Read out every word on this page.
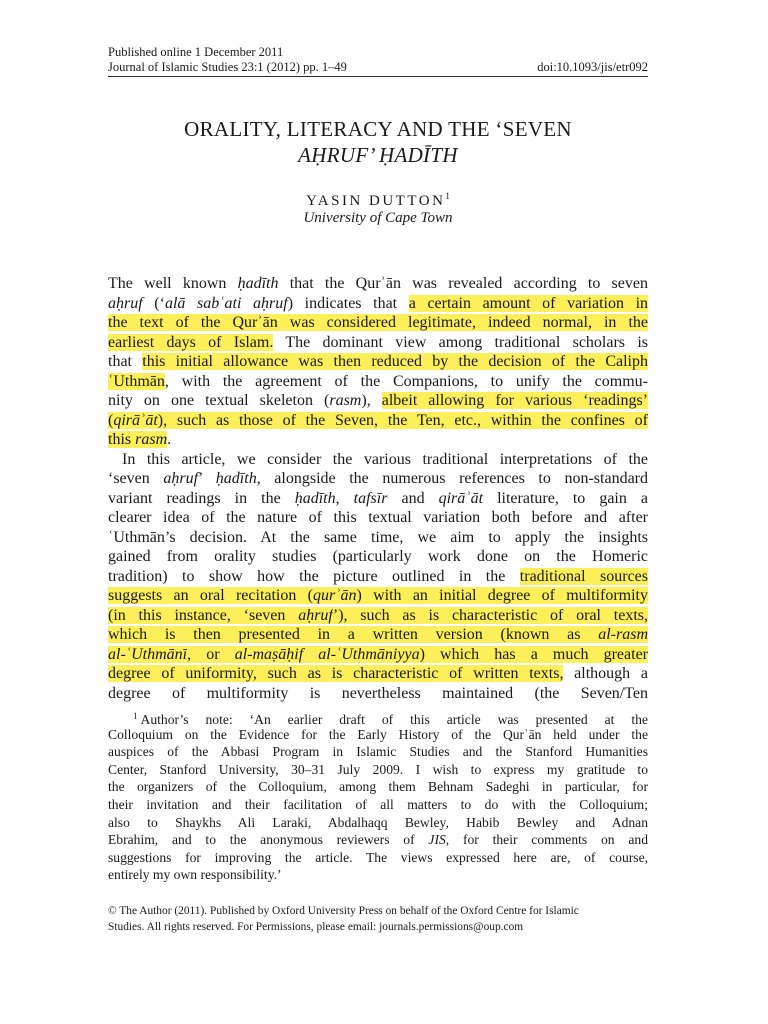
Published online 1 December 2011
Journal of Islamic Studies 23:1 (2012) pp. 1–49	doi:10.1093/jis/etr092
ORALITY, LITERACY AND THE ‘SEVEN
AḤRUF’ ḤADĪTH
YASIN DUTTON$^1$
University of Cape Town
The well known ḥadīth that the Qurʾān was revealed according to seven
aḥruf (‘alā sabʿati aḥruf) indicates that a certain amount of variation in
the text of the Qurʾān was considered legitimate, indeed normal, in the
earliest days of Islam. The dominant view among traditional scholars is
that this initial allowance was then reduced by the decision of the Caliph
ʿUthmān, with the agreement of the Companions, to unify the commu-
nity on one textual skeleton (rasm), albeit allowing for various ‘readings’
(qirāʾāt), such as those of the Seven, the Ten, etc., within the confines of
this rasm.
In this article, we consider the various traditional interpretations of the
‘seven aḥruf’ ḥadīth, alongside the numerous references to non-standard
variant readings in the ḥadīth, tafsīr and qirāʾāt literature, to gain a
clearer idea of the nature of this textual variation both before and after
ʿUthmān’s decision. At the same time, we aim to apply the insights
gained from orality studies (particularly work done on the Homeric
tradition) to show how the picture outlined in the traditional sources
suggests an oral recitation (qurʾān) with an initial degree of multiformity
(in this instance, ‘seven aḥruf’), such as is characteristic of oral texts,
which is then presented in a written version (known as al-rasm
al-ʿUthmānī, or al-maṣāḥif al-ʿUthmāniyya) which has a much greater
degree of uniformity, such as is characteristic of written texts, although a
degree of multiformity is nevertheless maintained (the Seven/Ten
$^1$ Author’s note: ‘An earlier draft of this article was presented at the
Colloquium on the Evidence for the Early History of the Qurʾān held under the
auspices of the Abbasi Program in Islamic Studies and the Stanford Humanities
Center, Stanford University, 30–31 July 2009. I wish to express my gratitude to
the organizers of the Colloquium, among them Behnam Sadeghi in particular, for
their invitation and their facilitation of all matters to do with the Colloquium;
also to Shaykhs Ali Laraki, Abdalhaqq Bewley, Habib Bewley and Adnan
Ebrahim, and to the anonymous reviewers of JIS, for their comments on and
suggestions for improving the article. The views expressed here are, of course,
entirely my own responsibility.’
© The Author (2011). Published by Oxford University Press on behalf of the Oxford Centre for Islamic
Studies. All rights reserved. For Permissions, please email: journals.permissions@oup.com
